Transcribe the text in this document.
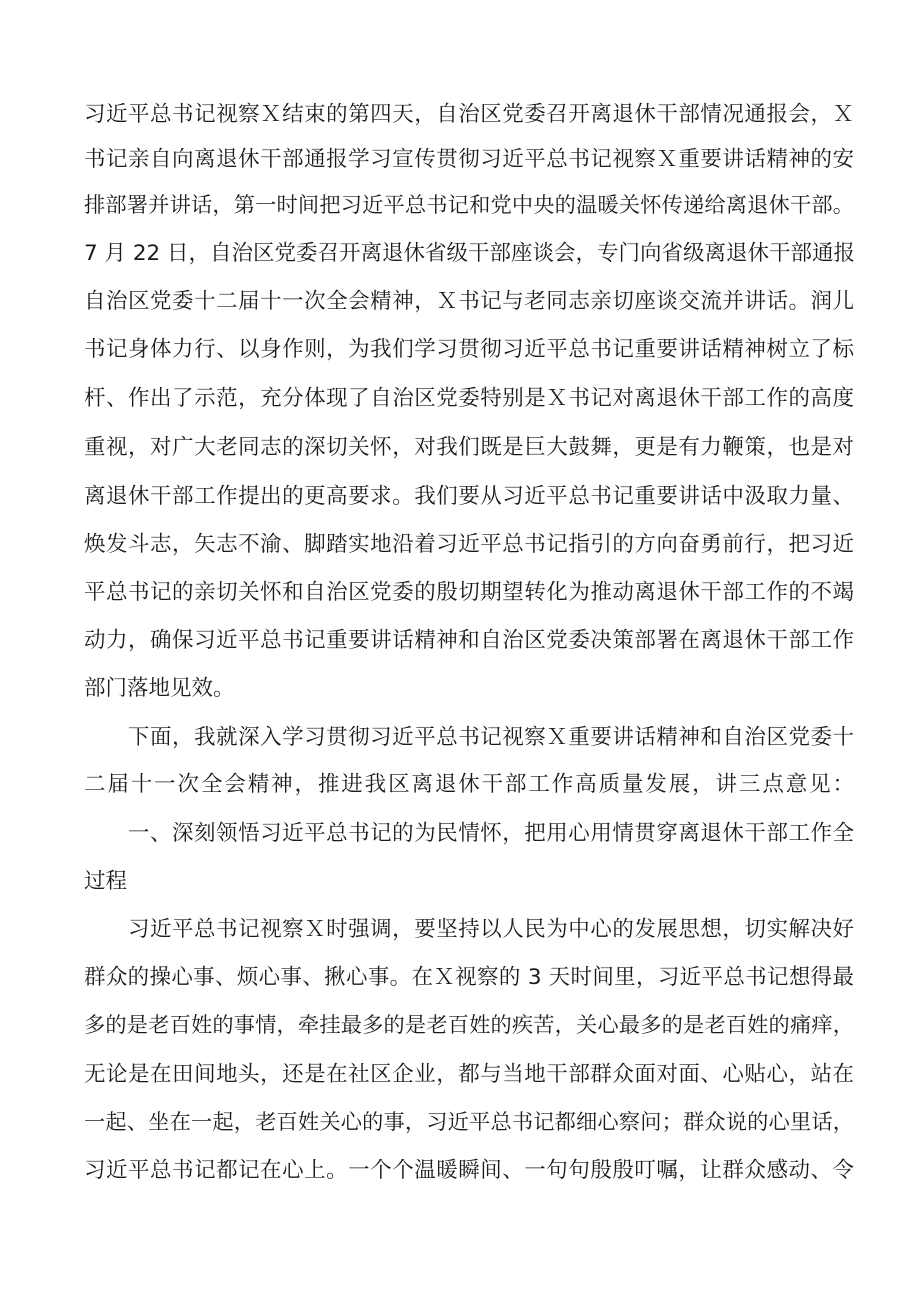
习近平总书记视察Ｘ结束的第四天，自治区党委召开离退休干部情况通报会，Ｘ
书记亲自向离退休干部通报学习宣传贯彻习近平总书记视察Ｘ重要讲话精神的安
排部署并讲话，第一时间把习近平总书记和党中央的温暖关怀传递给离退休干部。
7 月 22 日，自治区党委召开离退休省级干部座谈会，专门向省级离退休干部通报
自治区党委十二届十一次全会精神，Ｘ书记与老同志亲切座谈交流并讲话。润儿
书记身体力行、以身作则，为我们学习贯彻习近平总书记重要讲话精神树立了标
杆、作出了示范，充分体现了自治区党委特别是Ｘ书记对离退休干部工作的高度
重视，对广大老同志的深切关怀，对我们既是巨大鼓舞，更是有力鞭策，也是对
离退休干部工作提出的更高要求。我们要从习近平总书记重要讲话中汲取力量、
焕发斗志，矢志不渝、脚踏实地沿着习近平总书记指引的方向奋勇前行，把习近
平总书记的亲切关怀和自治区党委的殷切期望转化为推动离退休干部工作的不竭
动力，确保习近平总书记重要讲话精神和自治区党委决策部署在离退休干部工作
部门落地见效。
下面，我就深入学习贯彻习近平总书记视察Ｘ重要讲话精神和自治区党委十
二届十一次全会精神，推进我区离退休干部工作高质量发展，讲三点意见：
一、深刻领悟习近平总书记的为民情怀，把用心用情贯穿离退休干部工作全
过程
习近平总书记视察Ｘ时强调，要坚持以人民为中心的发展思想，切实解决好
群众的操心事、烦心事、揪心事。在Ｘ视察的 3 天时间里，习近平总书记想得最
多的是老百姓的事情，牵挂最多的是老百姓的疾苦，关心最多的是老百姓的痛痒，
无论是在田间地头，还是在社区企业，都与当地干部群众面对面、心贴心，站在
一起、坐在一起，老百姓关心的事，习近平总书记都细心察问；群众说的心里话，
习近平总书记都记在心上。一个个温暖瞬间、一句句殷殷叮嘱，让群众感动、令
